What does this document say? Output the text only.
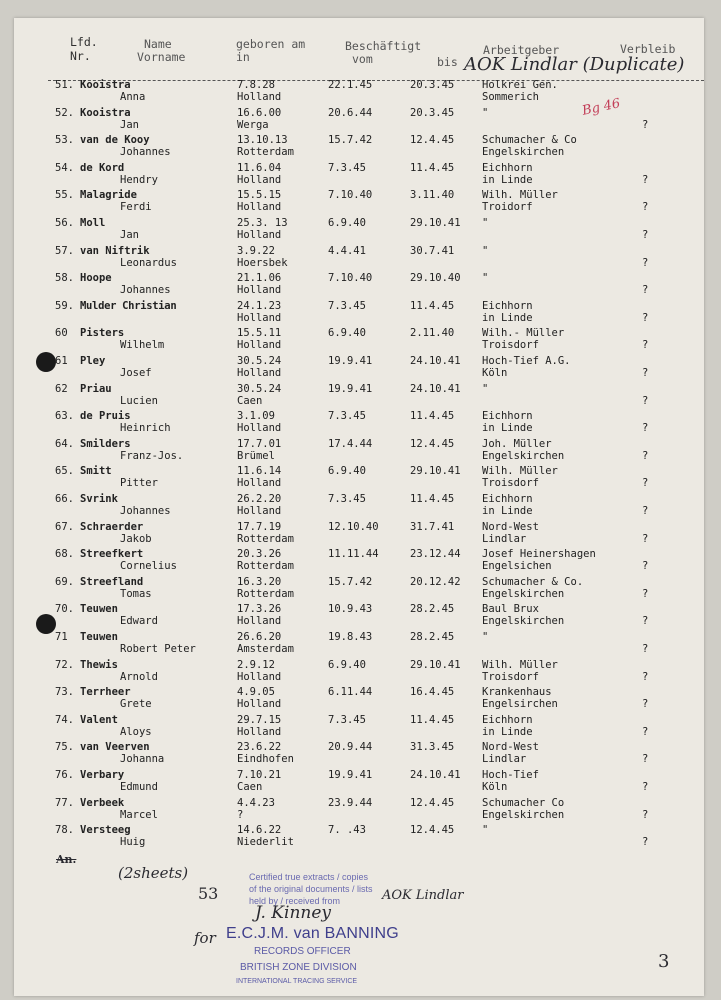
Lfd.
Nr.
Name
Vorname
geboren am
in
Beschäftigt
vom	bis
Arbeitgeber	Verbleib
AOK Lindlar (Duplicate)
Bg 46
51. Kooistra
Anna
7.8.28
Holland
22.1.45	20.3.45	Holkrei Gen.
Sommerich
52. Kooistra
Jan
16.6.00
Werga
20.6.44	20.3.45	"
?
53. van de Kooy
Johannes
13.10.13
Rotterdam
15.7.42	12.4.45	Schumacher & Co
Engelskirchen
54. de Kord
Hendry
11.6.04
Holland
7.3.45	11.4.45	Eichhorn
in Linde	?
55. Malagride
Ferdi
15.5.15
Holland
7.10.40	3.11.40	Wilh. Müller
Troidorf	?
56. Moll
Jan
25.3. 13
Holland
6.9.40	29.10.41 "
?
57. van Niftrik
Leonardus
3.9.22
Hoersbek
4.4.41	30.7.41	"
?
58. Hoope
Johannes
21.1.06
Holland
7.10.40	29.10.40 "
?
59. Mulder Christian	24.1.23
Holland
7.3.45	11.4.45	Eichhorn
in Linde	?
60 Pisters
Wilhelm
15.5.11
Holland
6.9.40	2.11.40	Wilh.- Müller
Troisdorf	?
61 Pley
Josef
30.5.24
Holland
19.9.41	24.10.41 Hoch-Tief A.G.
Köln	?
62 Priau
Lucien
30.5.24
Caen
19.9.41	24.10.41 "
?
63. de Pruis
Heinrich
3.1.09
Holland
7.3.45	11.4.45	Eichhorn
in Linde	?
64. Smilders
Franz-Jos.
17.7.01
Brümel
17.4.44	12.4.45	Joh. Müller
Engelskirchen	?
65. Smitt
Pitter
11.6.14
Holland
6.9.40	29.10.41 Wilh. Müller
Troisdorf	?
66. Svrink
Johannes
26.2.20
Holland
7.3.45	11.4.45	Eichhorn
in Linde	?
67. Schraerder
Jakob
17.7.19
Rotterdam
12.10.40	31.7.41	Nord-West
Lindlar	?
68. Streefkert
Cornelius
20.3.26
Rotterdam
11.11.44	23.12.44 Josef Heinershagen
Engelsichen	?
69. Streefland
Tomas
16.3.20
Rotterdam
15.7.42	20.12.42 Schumacher & Co.
Engelskirchen	?
70. Teuwen
Edward
17.3.26
Holland
10.9.43	28.2.45	Baul Brux
Engelskirchen	?
71 Teuwen
Robert Peter
26.6.20
Amsterdam
19.8.43	28.2.45	"
?
72. Thewis
Arnold
2.9.12
Holland
6.9.40	29.10.41 Wilh. Müller
Troisdorf	?
73. Terrheer
Grete
4.9.05
Holland
6.11.44	16.4.45	Krankenhaus
Engelsirchen	?
74. Valent
Aloys
29.7.15
Holland
7.3.45	11.4.45	Eichhorn
in Linde	?
75. van Veerven
Johanna
23.6.22
Eindhofen
20.9.44	31.3.45	Nord-West
Lindlar	?
76. Verbary
Edmund
7.10.21
Caen
19.9.41	24.10.41 Hoch-Tief
Köln	?
77. Verbeek
Marcel
4.4.23
?
23.9.44	12.4.45	Schumacher Co
Engelskirchen	?
78. Versteeg
Huig
14.6.22
Niederlit
7. .43	12.4.45	"
?
An.
(2sheets)
53
Certified true extracts / copies
of the original documents / lists
held by / received from	AOK Lindlar
J. Kinney
for E.C.J.M. van BANNING
RECORDS OFFICER
BRITISH ZONE DIVISION
INTERNATIONAL TRACING SERVICE
3
